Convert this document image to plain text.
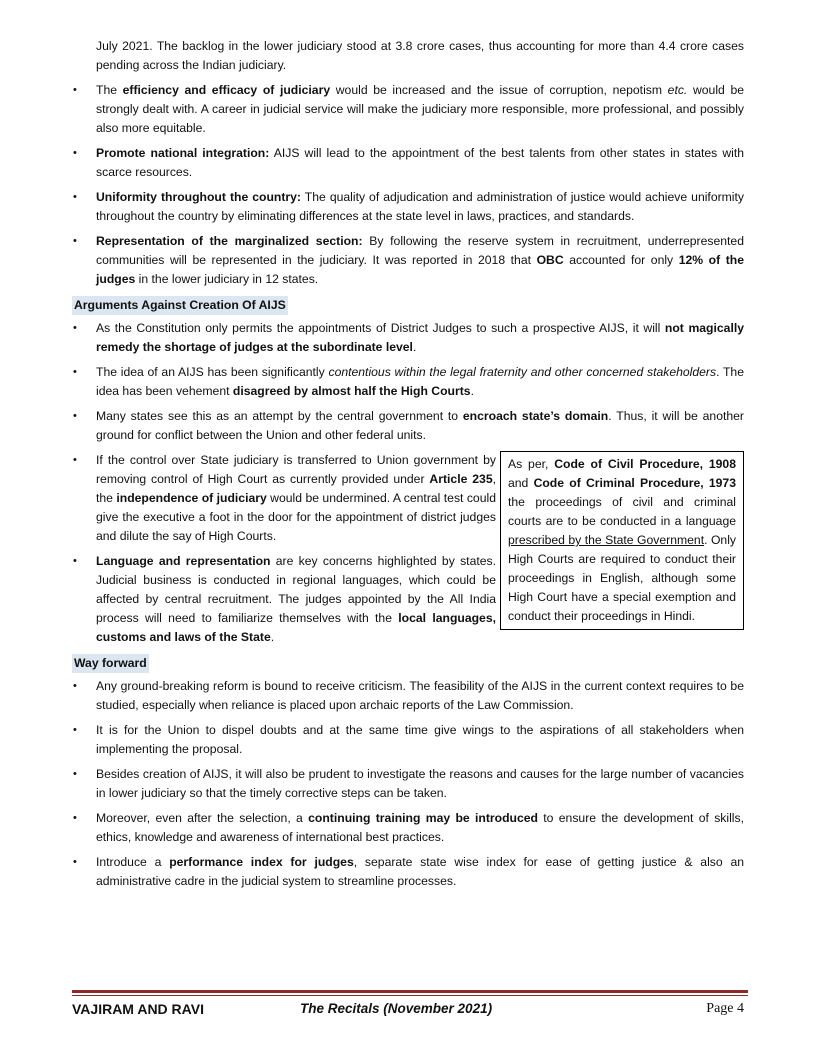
July 2021. The backlog in the lower judiciary stood at 3.8 crore cases, thus accounting for more than 4.4 crore cases pending across the Indian judiciary.

• The efficiency and efficacy of judiciary would be increased and the issue of corruption, nepotism etc. would be strongly dealt with. A career in judicial service will make the judiciary more responsible, more professional, and possibly also more equitable.
• Promote national integration: AIJS will lead to the appointment of the best talents from other states in states with scarce resources.
• Uniformity throughout the country: The quality of adjudication and administration of justice would achieve uniformity throughout the country by eliminating differences at the state level in laws, practices, and standards.
• Representation of the marginalized section: By following the reserve system in recruitment, underrepresented communities will be represented in the judiciary. It was reported in 2018 that OBC accounted for only 12% of the judges in the lower judiciary in 12 states.
Arguments Against Creation Of AIJS
• As the Constitution only permits the appointments of District Judges to such a prospective AIJS, it will not magically remedy the shortage of judges at the subordinate level.
• The idea of an AIJS has been significantly contentious within the legal fraternity and other concerned stakeholders. The idea has been vehement disagreed by almost half the High Courts.
• Many states see this as an attempt by the central government to encroach state’s domain. Thus, it will be another ground for conflict between the Union and other federal units.
• If the control over State judiciary is transferred to Union government by removing control of High Court as currently provided under Article 235, the independence of judiciary would be undermined. A central test could give the executive a foot in the door for the appointment of district judges and dilute the say of High Courts.
• Language and representation are key concerns highlighted by states. Judicial business is conducted in regional languages, which could be affected by central recruitment. The judges appointed by the All India process will need to familiarize themselves with the local languages, customs and laws of the State.
As per, Code of Civil Procedure, 1908 and Code of Criminal Procedure, 1973 the proceedings of civil and criminal courts are to be conducted in a language prescribed by the State Government. Only High Courts are required to conduct their proceedings in English, although some High Court have a special exemption and conduct their proceedings in Hindi.
Way forward
• Any ground-breaking reform is bound to receive criticism. The feasibility of the AIJS in the current context requires to be studied, especially when reliance is placed upon archaic reports of the Law Commission.
• It is for the Union to dispel doubts and at the same time give wings to the aspirations of all stakeholders when implementing the proposal.
• Besides creation of AIJS, it will also be prudent to investigate the reasons and causes for the large number of vacancies in lower judiciary so that the timely corrective steps can be taken.
• Moreover, even after the selection, a continuing training may be introduced to ensure the development of skills, ethics, knowledge and awareness of international best practices.
• Introduce a performance index for judges, separate state wise index for ease of getting justice & also an administrative cadre in the judicial system to streamline processes.
VAJIRAM AND RAVI	The Recitals (November 2021)	Page 4
